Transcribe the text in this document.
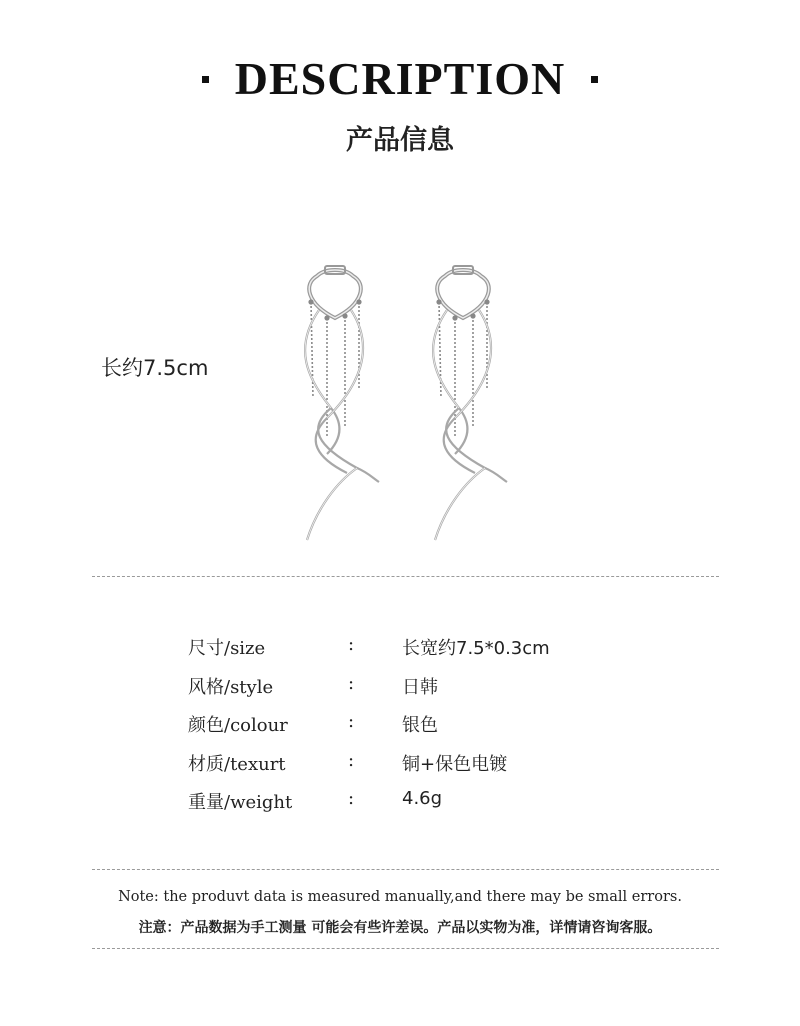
DESCRIPTION
产品信息
长约7.5cm
尺寸/size	:	长宽约7.5*0.3cm
风格/style	:	日韩
颜色/colour	:	银色
材质/texurt	:	铜+保色电镀
重量/weight	:	4.6g
Note: the produvt data is measured manually,and there may be small errors.
注意：产品数据为手工测量 可能会有些许差误。产品以实物为准，详情请咨询客服。
